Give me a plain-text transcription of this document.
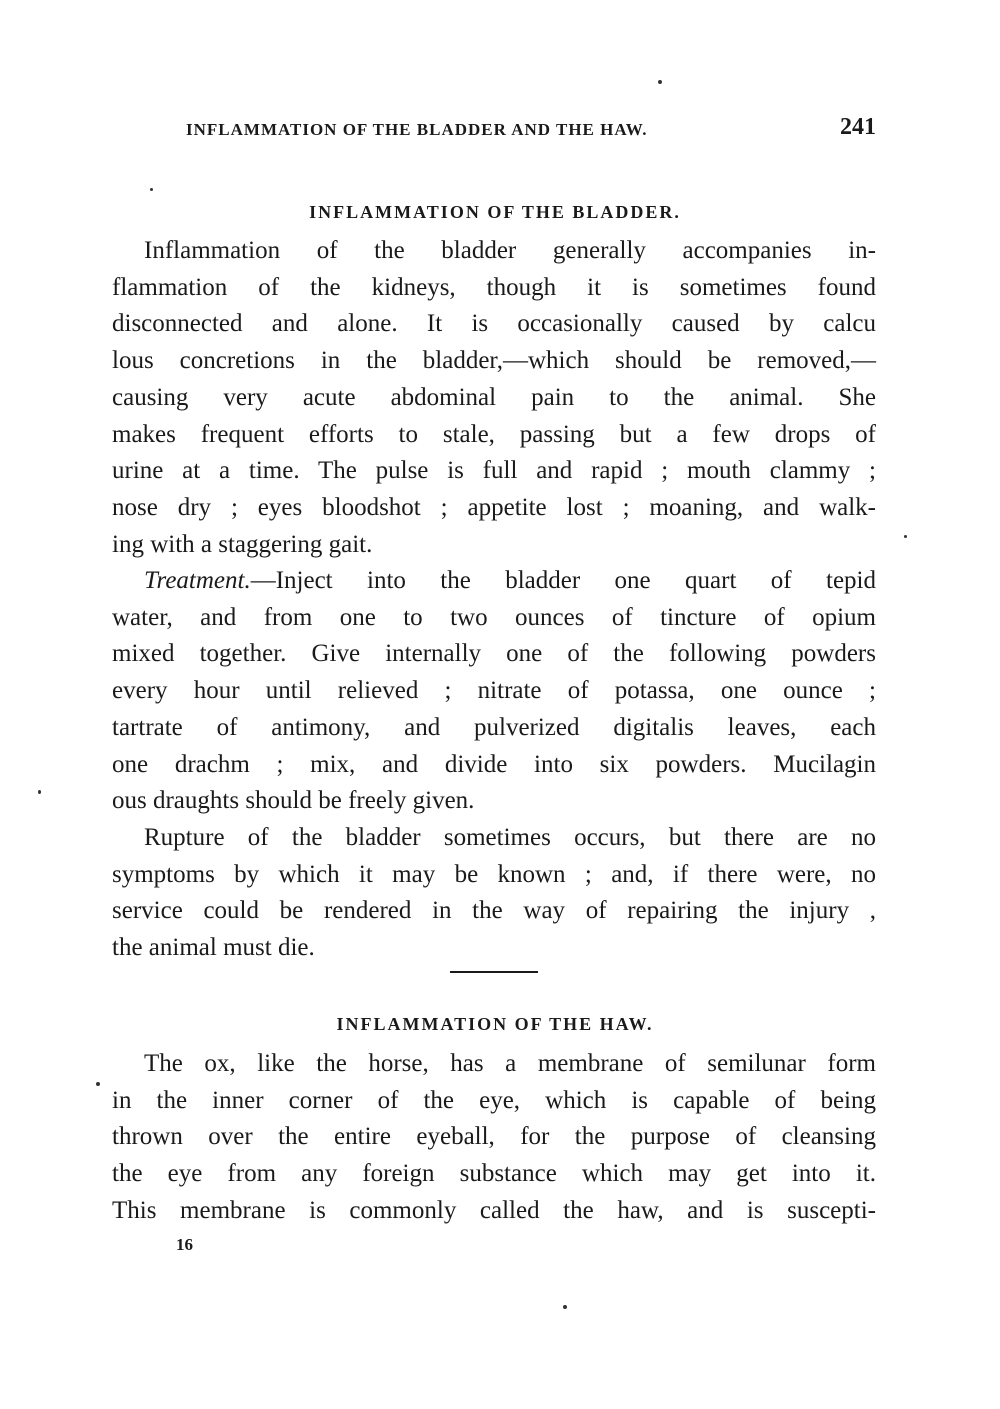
INFLAMMATION OF THE BLADDER AND THE HAW.	241
INFLAMMATION OF THE BLADDER.
Inflammation of the bladder generally accompanies in-
flammation of the kidneys, though it is sometimes found
disconnected and alone. It is occasionally caused by calcu
lous concretions in the bladder,—which should be removed,—
causing very acute abdominal pain to the animal. She
makes frequent efforts to stale, passing but a few drops of
urine at a time. The pulse is full and rapid ; mouth clammy ;
nose dry ; eyes bloodshot ; appetite lost ; moaning, and walk-
ing with a staggering gait.
Treatment.—Inject into the bladder one quart of tepid
water, and from one to two ounces of tincture of opium
mixed together. Give internally one of the following powders
every hour until relieved ; nitrate of potassa, one ounce ;
tartrate of antimony, and pulverized digitalis leaves, each
one drachm ; mix, and divide into six powders. Mucilagin
ous draughts should be freely given.
Rupture of the bladder sometimes occurs, but there are no
symptoms by which it may be known ; and, if there were, no
service could be rendered in the way of repairing the injury ,
the animal must die.
INFLAMMATION OF THE HAW.
The ox, like the horse, has a membrane of semilunar form
in the inner corner of the eye, which is capable of being
thrown over the entire eyeball, for the purpose of cleansing
the eye from any foreign substance which may get into it.
This membrane is commonly called the haw, and is suscepti-
16
